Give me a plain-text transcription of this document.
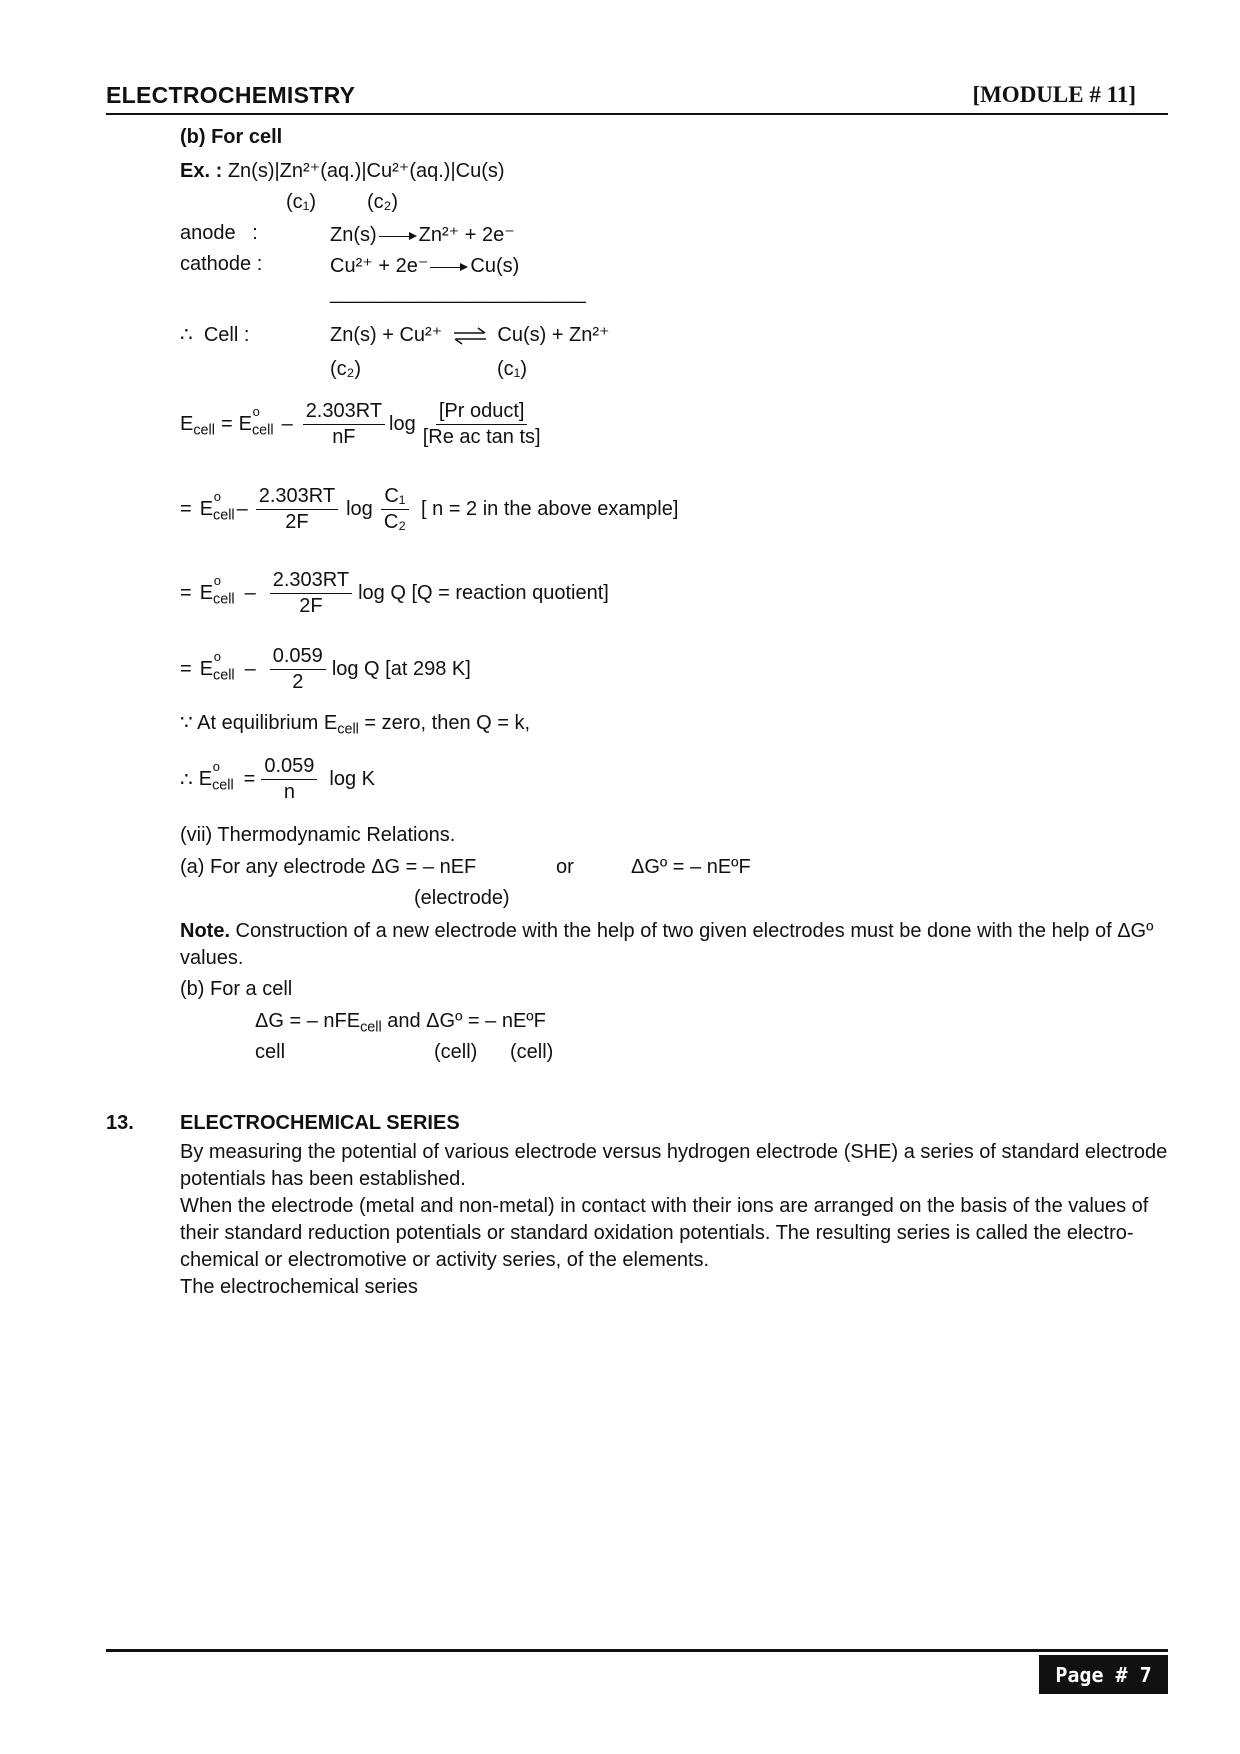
ELECTROCHEMISTRY	[MODULE # 11]
(b) For cell
Ex. : Zn(s)|Zn²⁺(aq.)|Cu²⁺(aq.)|Cu(s)
(c₁)	(c₂)
anode   :	Zn(s) Zn²⁺ + 2e⁻
cathode :	Cu²⁺ + 2e⁻ Cu(s)
_______________________
∴  Cell :	Zn(s) + Cu²⁺ ⇌ Cu(s) + Zn²⁺
(c₂)	(c₁)
$E_{cell} = E$
o
$_{cell} - \frac{2.303RT}{nF}$ $\log \frac{\text{[Pr oduct]}}{\text{[Re ac tan ts]}}$
= E
o
$_{cell} - \frac{2.303RT}{2F}$ $\log \frac{\text{C₁}}{\text{C₂}}$ [ n = 2 in the above example]
= E
o
$_{cell} - \frac{2.303RT}{2F}$ log Q [Q = reaction quotient]
= E
o
$_{cell} - \frac{0.059}{2}$ log Q [at 298 K]
∵ At equilibrium $E_{cell}$ = zero, then Q = k,
∴ E
o
$_{cell} = \frac{0.059}{n}$ log K
(vii) Thermodynamic Relations.
(a) For any electrode ΔG = – nEF	or	ΔGº = – nEºF
(electrode)
Note. Construction of a new electrode with the help of two given electrodes must be done with the help of ΔGº values.
(b) For a cell
ΔG = – nFE$_{cell}$ and ΔGº = – nEºF
cell	(cell) (cell)
13. ELECTROCHEMICAL SERIES
By measuring the potential of various electrode versus hydrogen electrode (SHE) a series of standard electrode potentials has been established.
When the electrode (metal and non-metal) in contact with their ions are arranged on the basis of the values of their standard reduction potentials or standard oxidation potentials. The resulting series is called the electro-chemical or electromotive or activity series, of the elements.
The electrochemical series
Page # 7
